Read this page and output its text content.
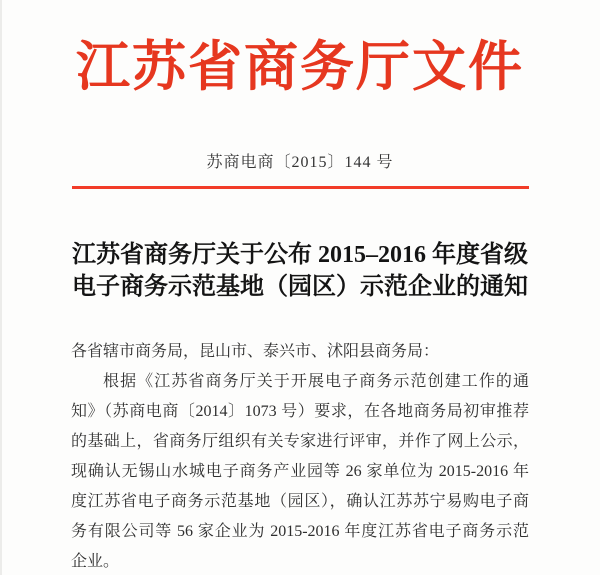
江苏省商务厅文件
苏商电商〔2015〕144 号
江苏省商务厅关于公布 2015–2016 年度省级
电子商务示范基地（园区）示范企业的通知
各省辖市商务局，昆山市、泰兴市、沭阳县商务局：
根据《江苏省商务厅关于开展电子商务示范创建工作的通
知》（苏商电商〔2014〕1073 号）要求，在各地商务局初审推荐
的基础上，省商务厅组织有关专家进行评审，并作了网上公示，
现确认无锡山水城电子商务产业园等 26 家单位为 2015-2016 年
度江苏省电子商务示范基地（园区），确认江苏苏宁易购电子商
务有限公司等 56 家企业为 2015-2016 年度江苏省电子商务示范
企业。
